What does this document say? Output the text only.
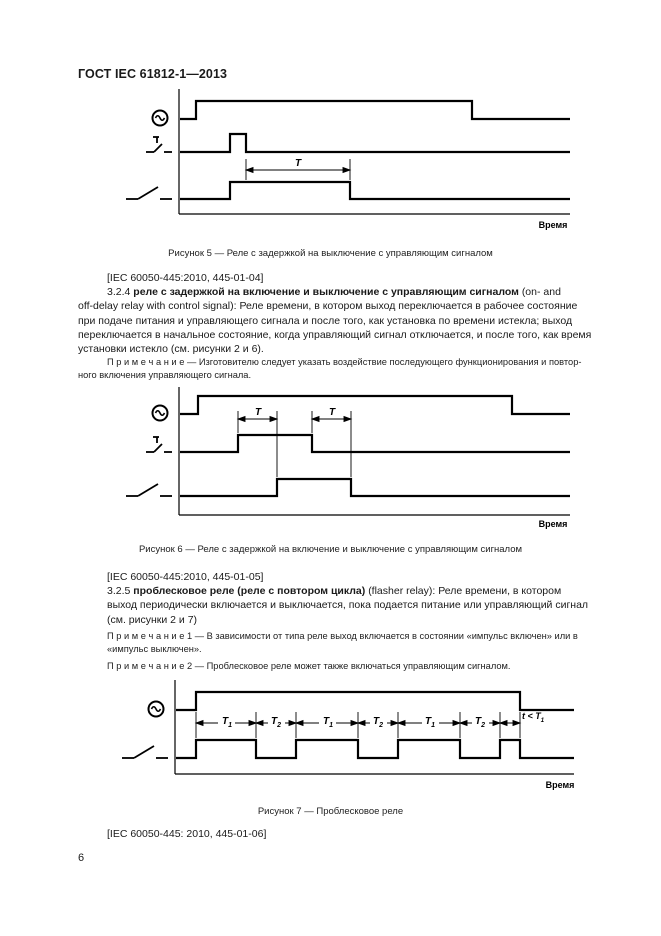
ГОСТ IEC 61812-1—2013
T
Время
Рисунок 5 — Реле с задержкой на выключение с управляющим сигналом
[IEC 60050-445:2010, 445-01-04]
3.2.4 реле с задержкой на включение и выключение с управляющим сигналом (on- and
off-delay relay with control signal): Реле времени, в котором выход переключается в рабочее состояние
при подаче питания и управляющего сигнала и после того, как установка по времени истекла; выход
переключается в начальное состояние, когда управляющий сигнал отключается, и после того, как время
установки истекло (см. рисунки 2 и 6).
П р и м е ч а н и е — Изготовителю следует указать воздействие последующего функционирования и повтор-
ного включения управляющего сигнала.
T	T
Время
Рисунок 6 — Реле с задержкой на включение и выключение с управляющим сигналом
[IEC 60050-445:2010, 445-01-05]
3.2.5 проблесковое реле (реле с повтором цикла) (flasher relay): Реле времени, в котором
выход периодически включается и выключается, пока подается питание или управляющий сигнал
(см. рисунки 2 и 7)
П р и м е ч а н и е 1 — В зависимости от типа реле выход включается в состоянии «импульс включен» или в
«импульс выключен».
П р и м е ч а н и е 2 — Проблесковое реле может также включаться управляющим сигналом.
$T_1$	$T_2$	$T_1$	$T_2$	$T_1$	$T_2$
$t < T_1$
Время
Рисунок 7 — Проблесковое реле
[IEC 60050-445: 2010, 445-01-06]
6
